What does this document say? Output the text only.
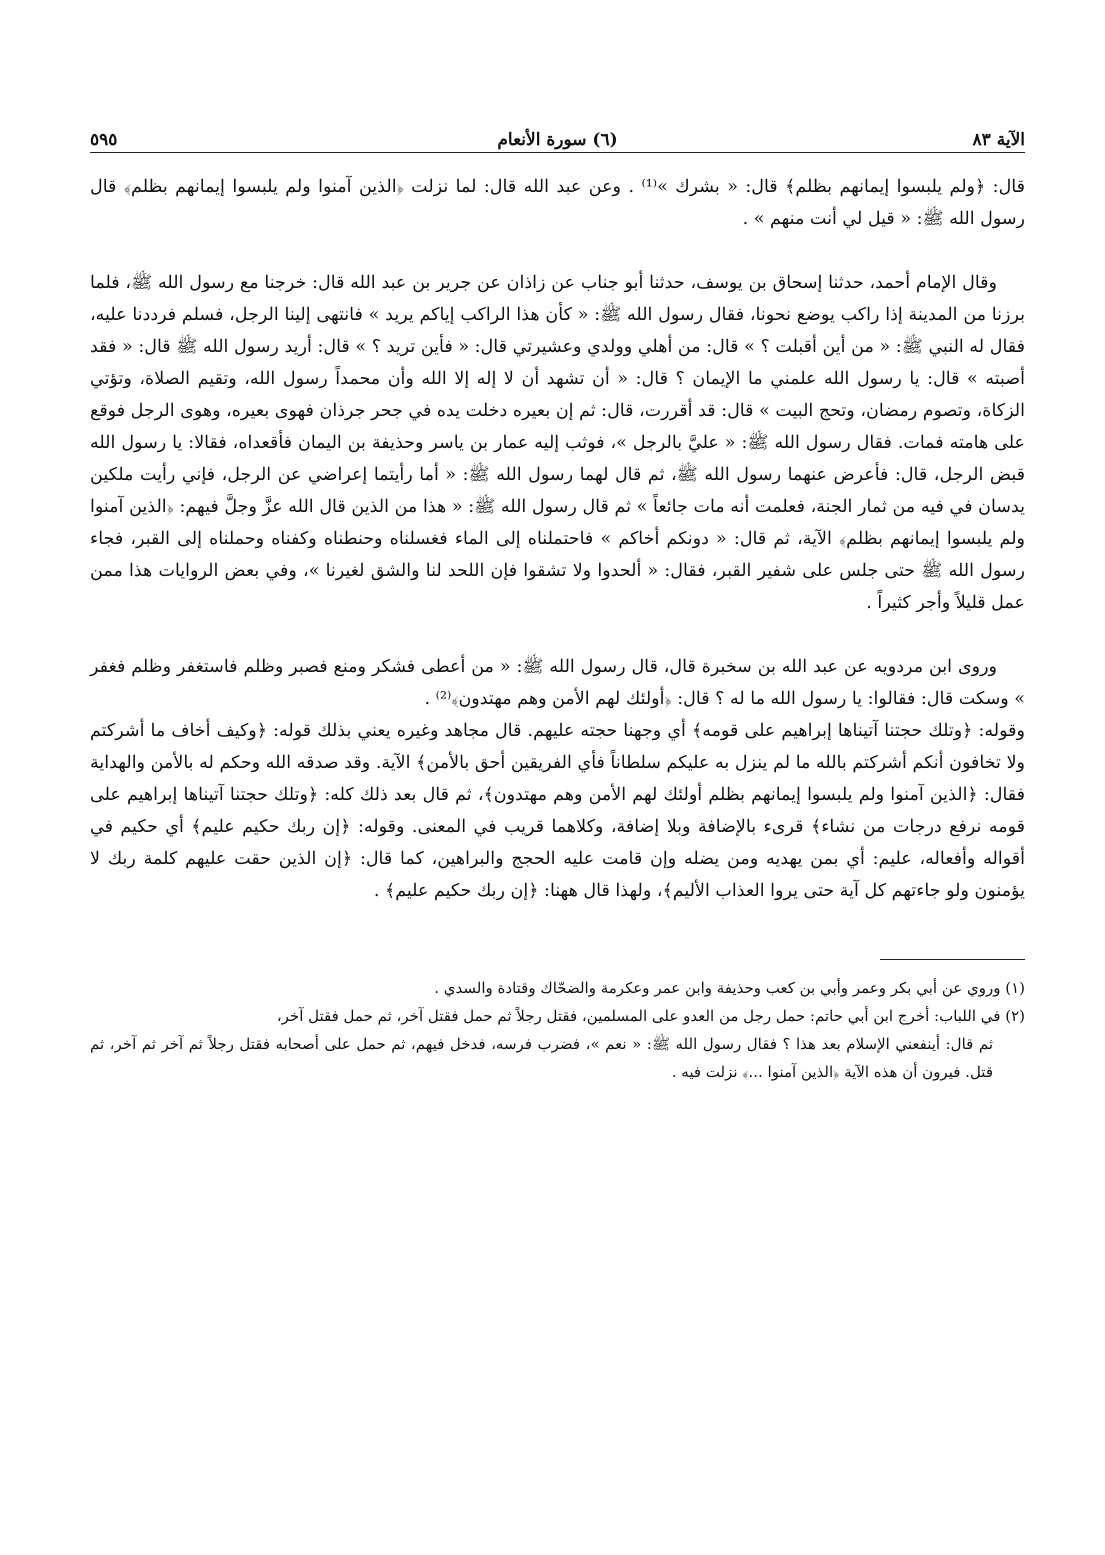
الآية ٨٣
(٦) سورة الأنعام
٥٩٥

قال: ﴿ولم يلبسوا إيمانهم بظلم﴾ قال: « بشرك »⁽¹⁾ . وعن عبد الله قال: لما نزلت ﴿الذين آمنوا ولم يلبسوا إيمانهم بظلم﴾ قال رسول الله ﷺ: « قيل لي أنت منهم » .

وقال الإمام أحمد، حدثنا إسحاق بن يوسف، حدثنا أبو جناب عن زاذان عن جرير بن عبد الله قال: خرجنا مع رسول الله ﷺ، فلما برزنا من المدينة إذا راكب يوضع نحونا، فقال رسول الله ﷺ: « كأن هذا الراكب إياكم يريد » فانتهى إلينا الرجل، فسلم فرددنا عليه، فقال له النبي ﷺ: « من أين أقبلت ؟ » قال: من أهلي وولدي وعشيرتي قال: « فأين تريد ؟ » قال: أريد رسول الله ﷺ قال: « فقد أصبته » قال: يا رسول الله علمني ما الإيمان ؟ قال: « أن تشهد أن لا إله إلا الله وأن محمداً رسول الله، وتقيم الصلاة، وتؤتي الزكاة، وتصوم رمضان، وتحج البيت » قال: قد أقررت، قال: ثم إن بعيره دخلت يده في جحر جرذان فهوى بعيره، وهوى الرجل فوقع على هامته فمات. فقال رسول الله ﷺ: « عليَّ بالرجل »، فوثب إليه عمار بن ياسر وحذيفة بن اليمان فأقعداه، فقالا: يا رسول الله قبض الرجل، قال: فأعرض عنهما رسول الله ﷺ، ثم قال لهما رسول الله ﷺ: « أما رأيتما إعراضي عن الرجل، فإني رأيت ملكين يدسان في فيه من ثمار الجنة، فعلمت أنه مات جائعاً » ثم قال رسول الله ﷺ: « هذا من الذين قال الله عزَّ وجلَّ فيهم: ﴿الذين آمنوا ولم يلبسوا إيمانهم بظلم﴾ الآية، ثم قال: « دونكم أخاكم » فاحتملناه إلى الماء فغسلناه وحنطناه وكفناه وحملناه إلى القبر، فجاء رسول الله ﷺ حتى جلس على شفير القبر، فقال: « ألحدوا ولا تشقوا فإن اللحد لنا والشق لغيرنا »، وفي بعض الروايات هذا ممن عمل قليلاً وأجر كثيراً .

وروى ابن مردويه عن عبد الله بن سخبرة قال، قال رسول الله ﷺ: « من أعطى فشكر ومنع فصبر وظلم فاستغفر وظلم فغفر » وسكت قال: فقالوا: يا رسول الله ما له ؟ قال: ﴿أولئك لهم الأمن وهم مهتدون﴾⁽²⁾ .

وقوله: ﴿وتلك حجتنا آتيناها إبراهيم على قومه﴾ أي وجهنا حجته عليهم. قال مجاهد وغيره يعني بذلك قوله: ﴿وكيف أخاف ما أشركتم ولا تخافون أنكم أشركتم بالله ما لم ينزل به عليكم سلطاناً فأي الفريقين أحق بالأمن﴾ الآية. وقد صدقه الله وحكم له بالأمن والهداية فقال: ﴿الذين آمنوا ولم يلبسوا إيمانهم بظلم أولئك لهم الأمن وهم مهتدون﴾، ثم قال بعد ذلك كله: ﴿وتلك حجتنا آتيناها إبراهيم على قومه نرفع درجات من نشاء﴾ قرىء بالإضافة وبلا إضافة، وكلاهما قريب في المعنى. وقوله: ﴿إن ربك حكيم عليم﴾ أي حكيم في أقواله وأفعاله، عليم: أي بمن يهديه ومن يضله وإن قامت عليه الحجج والبراهين، كما قال: ﴿إن الذين حقت عليهم كلمة ربك لا يؤمنون ولو جاءتهم كل آية حتى يروا العذاب الأليم﴾، ولهذا قال ههنا: ﴿إن ربك حكيم عليم﴾ .

(١) وروي عن أبي بكر وعمر وأبي بن كعب وحذيفة وابن عمر وعكرمة والضحّاك وقتادة والسدي .

(٢) في اللباب: أخرج ابن أبي حاتم: حمل رجل من العدو على المسلمين، فقتل رجلاً ثم حمل فقتل آخر، ثم حمل فقتل آخر،

ثم قال: أينفعني الإسلام بعد هذا ؟ فقال رسول الله ﷺ: « نعم »، فضرب فرسه، فدخل فيهم، ثم حمل على أصحابه فقتل رجلاً ثم آخر ثم آخر، ثم قتل. فيرون أن هذه الآية ﴿الذين آمنوا ...﴾ نزلت فيه .
